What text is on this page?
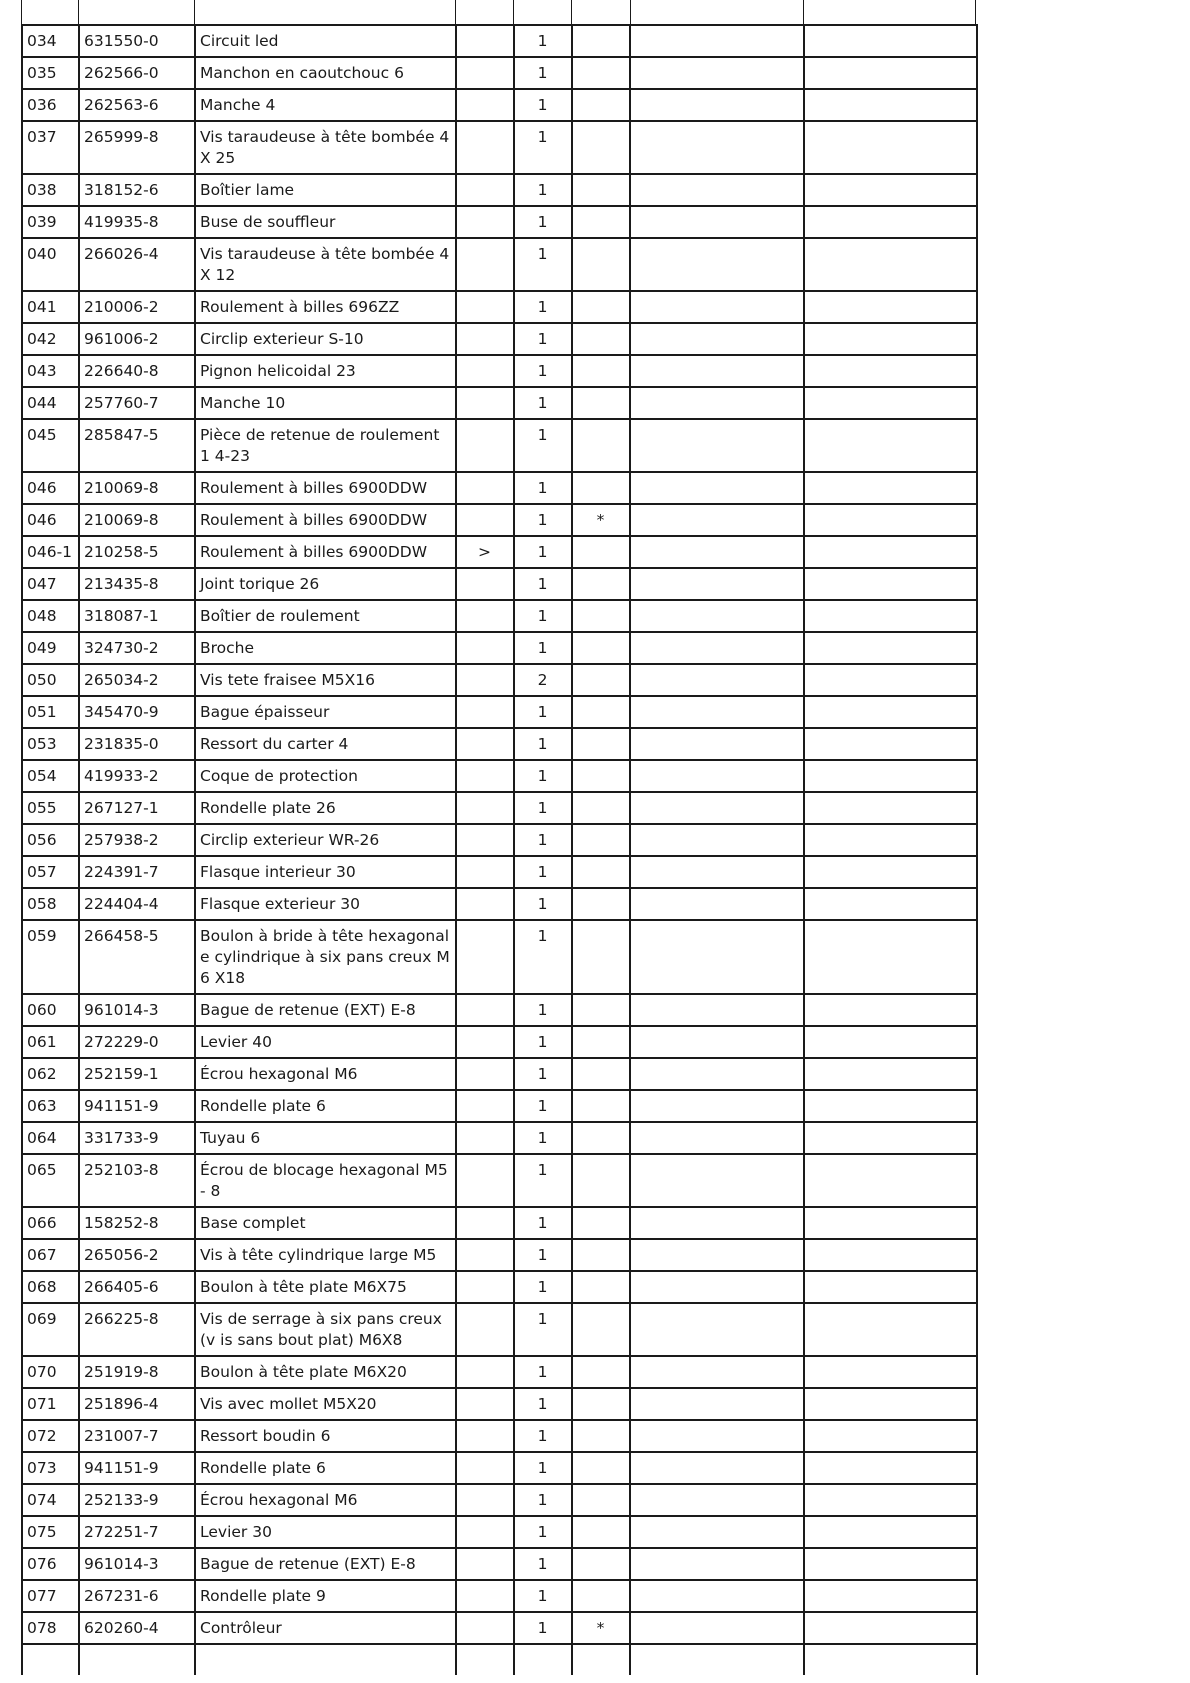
034	631550-0	Circuit led		1			
035	262566-0	Manchon en caoutchouc 6		1			
036	262563-6	Manche 4		1			
037	265999-8	Vis taraudeuse à tête bombée 4X 25		1			
038	318152-6	Boîtier lame		1			
039	419935-8	Buse de souffleur		1			
040	266026-4	Vis taraudeuse à tête bombée 4X 12		1			
041	210006-2	Roulement à billes 696ZZ		1			
042	961006-2	Circlip exterieur S-10		1			
043	226640-8	Pignon helicoidal 23		1			
044	257760-7	Manche 10		1			
045	285847-5	Pièce de retenue de roulement 1 4-23		1			
046	210069-8	Roulement à billes 6900DDW		1			
046	210069-8	Roulement à billes 6900DDW		1	*		
046-1	210258-5	Roulement à billes 6900DDW	>	1			
047	213435-8	Joint torique 26		1			
048	318087-1	Boîtier de roulement		1			
049	324730-2	Broche		1			
050	265034-2	Vis tete fraisee M5X16		2			
051	345470-9	Bague épaisseur		1			
053	231835-0	Ressort du carter 4		1			
054	419933-2	Coque de protection		1			
055	267127-1	Rondelle plate 26		1			
056	257938-2	Circlip exterieur WR-26		1			
057	224391-7	Flasque interieur 30		1			
058	224404-4	Flasque exterieur 30		1			
059	266458-5	Boulon à bride à tête hexagonal e cylindrique à six pans creux M6 X18		1			
060	961014-3	Bague de retenue (EXT) E-8		1			
061	272229-0	Levier 40		1			
062	252159-1	Écrou hexagonal M6		1			
063	941151-9	Rondelle plate 6		1			
064	331733-9	Tuyau 6		1			
065	252103-8	Écrou de blocage hexagonal M5- 8		1			
066	158252-8	Base complet		1			
067	265056-2	Vis à tête cylindrique large M5		1			
068	266405-6	Boulon à tête plate M6X75		1			
069	266225-8	Vis de serrage à six pans creux (v is sans bout plat) M6X8		1			
070	251919-8	Boulon à tête plate M6X20		1			
071	251896-4	Vis avec mollet M5X20		1			
072	231007-7	Ressort boudin 6		1			
073	941151-9	Rondelle plate 6		1			
074	252133-9	Écrou hexagonal M6		1			
075	272251-7	Levier 30		1			
076	961014-3	Bague de retenue (EXT) E-8		1			
077	267231-6	Rondelle plate 9		1			
078	620260-4	Contrôleur		1	*		
